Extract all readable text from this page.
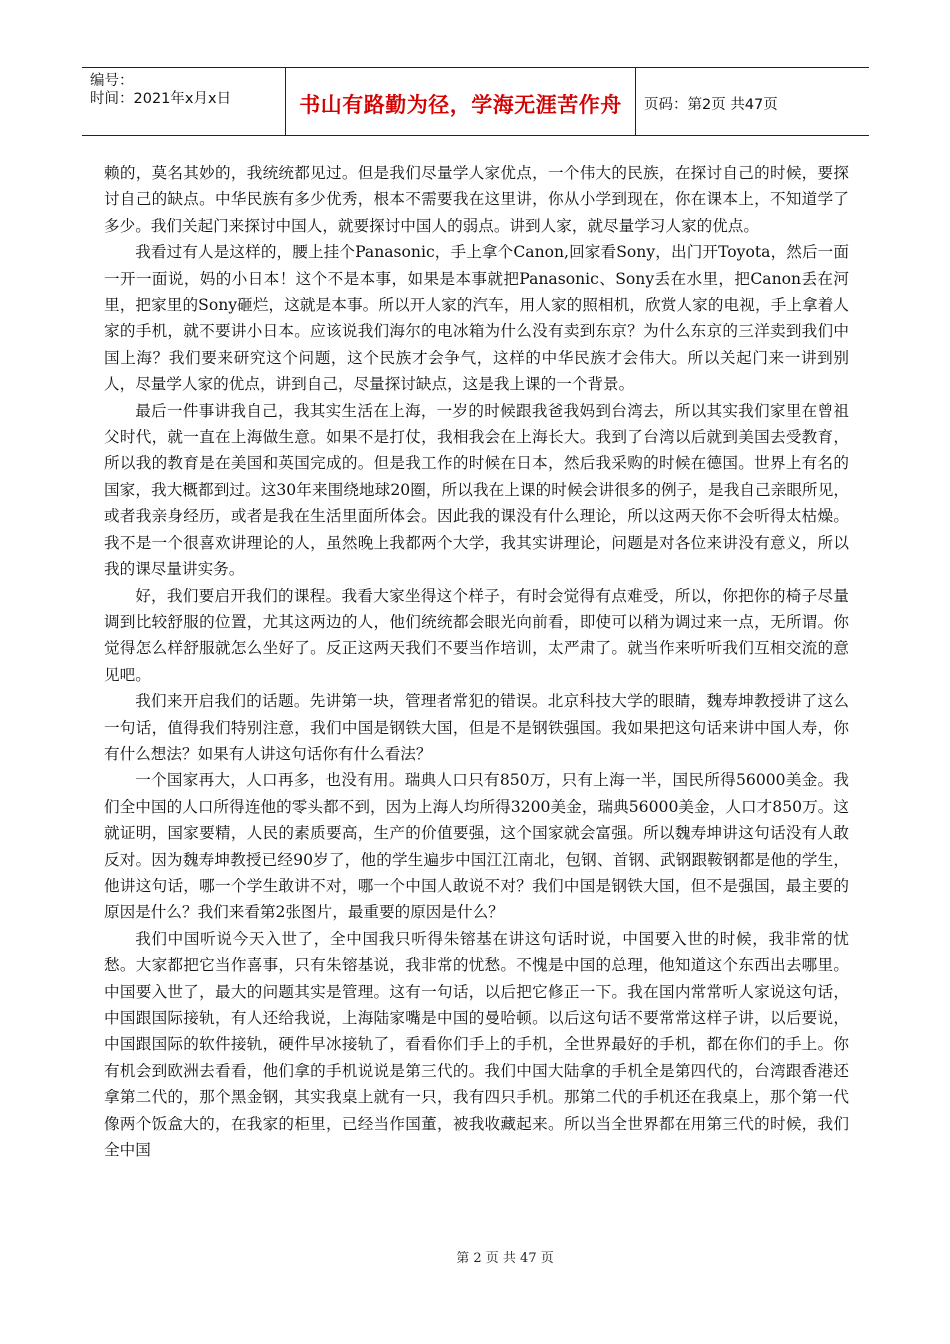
编号：
时间：2021年x月x日	书山有路勤为径，学海无涯苦作舟 页码：第2页 共47页

赖的，莫名其妙的，我统统都见过。但是我们尽量学人家优点，一个伟大的民族，在探讨自己的时候，要探讨自己的缺点。中华民族有多少优秀，根本不需要我在这里讲，你从小学到现在，你在课本上，不知道学了多少。我们关起门来探讨中国人，就要探讨中国人的弱点。讲到人家，就尽量学习人家的优点。

我看过有人是这样的，腰上挂个Panasonic，手上拿个Canon,回家看Sony，出门开Toyota，然后一面一开一面说，妈的小日本！这个不是本事，如果是本事就把Panasonic、Sony丢在水里，把Canon丢在河里，把家里的Sony砸烂，这就是本事。所以开人家的汽车，用人家的照相机，欣赏人家的电视，手上拿着人家的手机，就不要讲小日本。应该说我们海尔的电冰箱为什么没有卖到东京？为什么东京的三洋卖到我们中国上海？我们要来研究这个问题，这个民族才会争气，这样的中华民族才会伟大。所以关起门来一讲到别人，尽量学人家的优点，讲到自己，尽量探讨缺点，这是我上课的一个背景。

最后一件事讲我自己，我其实生活在上海，一岁的时候跟我爸我妈到台湾去，所以其实我们家里在曾祖父时代，就一直在上海做生意。如果不是打仗，我相我会在上海长大。我到了台湾以后就到美国去受教育，所以我的教育是在美国和英国完成的。但是我工作的时候在日本，然后我采购的时候在德国。世界上有名的国家，我大概都到过。这30年来围绕地球20圈，所以我在上课的时候会讲很多的例子，是我自己亲眼所见，或者我亲身经历，或者是我在生活里面所体会。因此我的课没有什么理论，所以这两天你不会听得太枯燥。我不是一个很喜欢讲理论的人，虽然晚上我都两个大学，我其实讲理论，问题是对各位来讲没有意义，所以我的课尽量讲实务。

好，我们要启开我们的课程。我看大家坐得这个样子，有时会觉得有点难受，所以，你把你的椅子尽量调到比较舒服的位置，尤其这两边的人，他们统统都会眼光向前看，即使可以稍为调过来一点，无所谓。你觉得怎么样舒服就怎么坐好了。反正这两天我们不要当作培训，太严肃了。就当作来听听我们互相交流的意见吧。

我们来开启我们的话题。先讲第一块，管理者常犯的错误。北京科技大学的眼睛，魏寿坤教授讲了这么一句话，值得我们特别注意，我们中国是钢铁大国，但是不是钢铁强国。我如果把这句话来讲中国人寿，你有什么想法？如果有人讲这句话你有什么看法？

一个国家再大，人口再多，也没有用。瑞典人口只有850万，只有上海一半，国民所得56000美金。我们全中国的人口所得连他的零头都不到，因为上海人均所得3200美金，瑞典56000美金，人口才850万。这就证明，国家要精，人民的素质要高，生产的价值要强，这个国家就会富强。所以魏寿坤讲这句话没有人敢反对。因为魏寿坤教授已经90岁了，他的学生遍步中国江江南北，包钢、首钢、武钢跟鞍钢都是他的学生，他讲这句话，哪一个学生敢讲不对，哪一个中国人敢说不对？我们中国是钢铁大国，但不是强国，最主要的原因是什么？我们来看第2张图片，最重要的原因是什么？

我们中国听说今天入世了，全中国我只听得朱镕基在讲这句话时说，中国要入世的时候，我非常的忧愁。大家都把它当作喜事，只有朱镕基说，我非常的忧愁。不愧是中国的总理，他知道这个东西出去哪里。中国要入世了，最大的问题其实是管理。这有一句话，以后把它修正一下。我在国内常常听人家说这句话，中国跟国际接轨，有人还给我说，上海陆家嘴是中国的曼哈顿。以后这句话不要常常这样子讲，以后要说，中国跟国际的软件接轨，硬件早冰接轨了，看看你们手上的手机，全世界最好的手机，都在你们的手上。你有机会到欧洲去看看，他们拿的手机说说是第三代的。我们中国大陆拿的手机全是第四代的，台湾跟香港还拿第二代的，那个黑金钢，其实我桌上就有一只，我有四只手机。那第二代的手机还在我桌上，那个第一代像两个饭盒大的，在我家的柜里，已经当作国董，被我收藏起来。所以当全世界都在用第三代的时候，我们全中国

第 2 页 共 47 页
